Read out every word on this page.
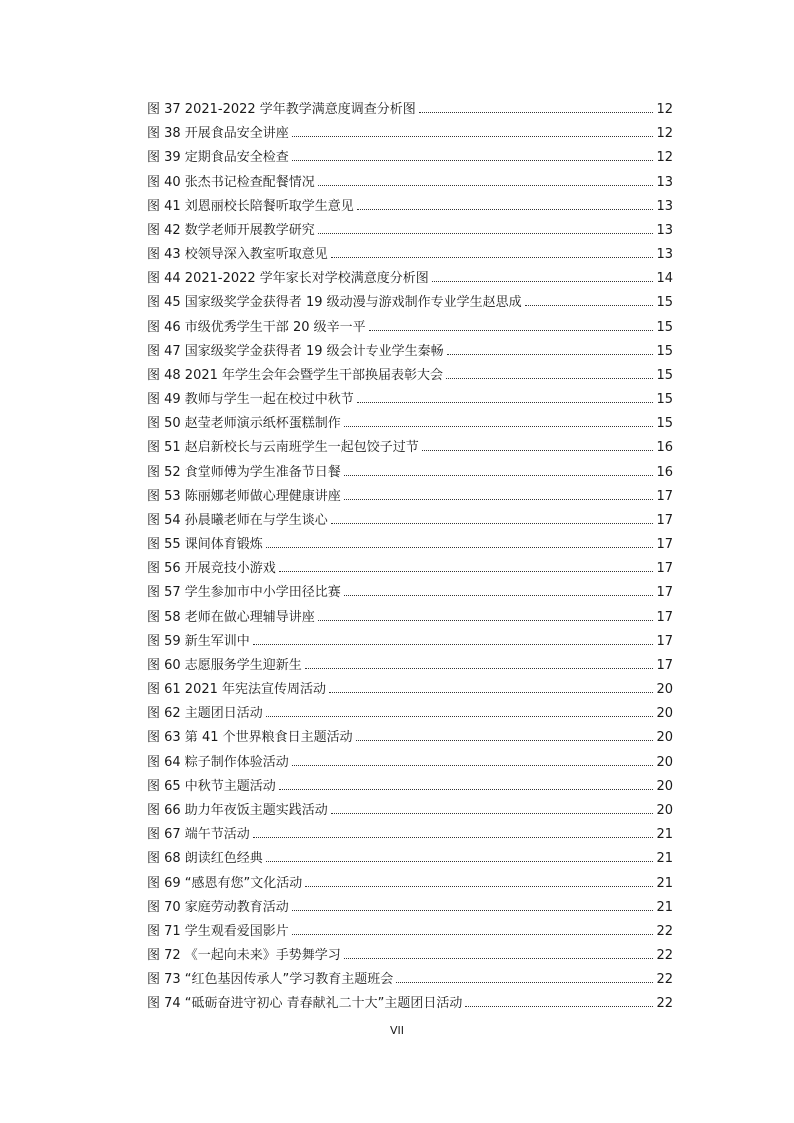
图 37 2021-2022 学年教学满意度调查分析图	12
图 38 开展食品安全讲座	12
图 39 定期食品安全检查	12
图 40 张杰书记检查配餐情况	13
图 41 刘恩丽校长陪餐听取学生意见	13
图 42 数学老师开展教学研究	13
图 43 校领导深入教室听取意见	13
图 44 2021-2022 学年家长对学校满意度分析图	14
图 45 国家级奖学金获得者 19 级动漫与游戏制作专业学生赵思成	15
图 46 市级优秀学生干部 20 级辛一平	15
图 47 国家级奖学金获得者 19 级会计专业学生秦畅	15
图 48 2021 年学生会年会暨学生干部换届表彰大会	15
图 49 教师与学生一起在校过中秋节	15
图 50 赵莹老师演示纸杯蛋糕制作	15
图 51 赵启新校长与云南班学生一起包饺子过节	16
图 52 食堂师傅为学生准备节日餐	16
图 53 陈丽娜老师做心理健康讲座	17
图 54 孙晨曦老师在与学生谈心	17
图 55 课间体育锻炼	17
图 56 开展竞技小游戏	17
图 57 学生参加市中小学田径比赛	17
图 58 老师在做心理辅导讲座	17
图 59 新生军训中	17
图 60 志愿服务学生迎新生	17
图 61 2021 年宪法宣传周活动	20
图 62 主题团日活动	20
图 63 第 41 个世界粮食日主题活动	20
图 64 粽子制作体验活动	20
图 65 中秋节主题活动	20
图 66 助力年夜饭主题实践活动	20
图 67 端午节活动	21
图 68 朗读红色经典	21
图 69 “感恩有您”文化活动	21
图 70 家庭劳动教育活动	21
图 71 学生观看爱国影片	22
图 72 《一起向未来》手势舞学习	22
图 73 “红色基因传承人”学习教育主题班会	22
图 74 “砥砺奋进守初心 青春献礼二十大”主题团日活动	22
VII
